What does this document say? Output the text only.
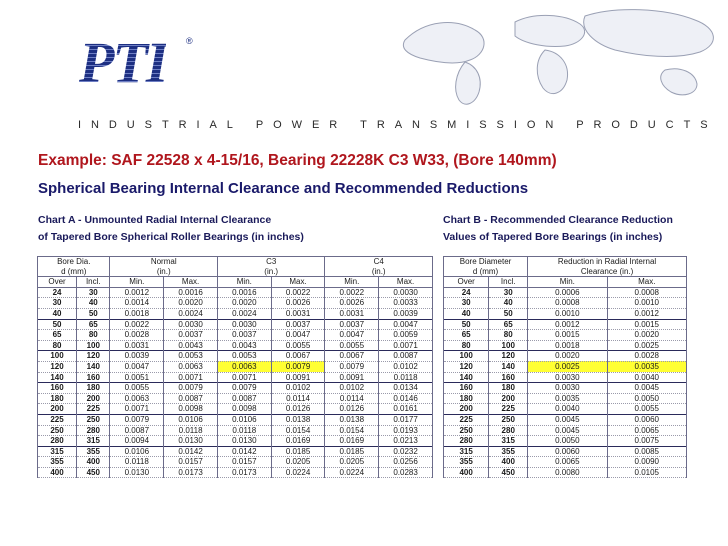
PTI ®
I N D U S T R I A L
P O W E R
T R A N S M I S S I O N
P R O D U C T S
Example: SAF 22528 x 4-15/16, Bearing 22228K C3 W33, (Bore 140mm)
Spherical Bearing Internal Clearance and Recommended Reductions
Chart A - Unmounted Radial Internal Clearance
of Tapered Bore Spherical Roller Bearings (in inches)
Chart B - Recommended Clearance Reduction
Values of Tapered Bore Bearings (in inches)
Bore Dia.		Normal		C3		C4	
d (mm)		(in.)		(in.)		(in.)	
Over	Incl.	Min.	Max.	Min.	Max.	Min.	Max.
24	30	0.0012	0.0016	0.0016	0.0022	0.0022	0.0030
30	40	0.0014	0.0020	0.0020	0.0026	0.0026	0.0033
40	50	0.0018	0.0024	0.0024	0.0031	0.0031	0.0039
50	65	0.0022	0.0030	0.0030	0.0037	0.0037	0.0047
65	80	0.0028	0.0037	0.0037	0.0047	0.0047	0.0059
80	100	0.0031	0.0043	0.0043	0.0055	0.0055	0.0071
100	120	0.0039	0.0053	0.0053	0.0067	0.0067	0.0087
120	140	0.0047	0.0063	0.0063	0.0079	0.0079	0.0102
140	160	0.0051	0.0071	0.0071	0.0091	0.0091	0.0118
160	180	0.0055	0.0079	0.0079	0.0102	0.0102	0.0134
180	200	0.0063	0.0087	0.0087	0.0114	0.0114	0.0146
200	225	0.0071	0.0098	0.0098	0.0126	0.0126	0.0161
225	250	0.0079	0.0106	0.0106	0.0138	0.0138	0.0177
250	280	0.0087	0.0118	0.0118	0.0154	0.0154	0.0193
280	315	0.0094	0.0130	0.0130	0.0169	0.0169	0.0213
315	355	0.0106	0.0142	0.0142	0.0185	0.0185	0.0232
355	400	0.0118	0.0157	0.0157	0.0205	0.0205	0.0256
400	450	0.0130	0.0173	0.0173	0.0224	0.0224	0.0283
Bore Diameter		Reduction in Radial Internal	
d (mm)		Clearance (in.)	
Over	Incl.	Min.	Max.
24	30	0.0006	0.0008
30	40	0.0008	0.0010
40	50	0.0010	0.0012
50	65	0.0012	0.0015
65	80	0.0015	0.0020
80	100	0.0018	0.0025
100	120	0.0020	0.0028
120	140	0.0025	0.0035
140	160	0.0030	0.0040
160	180	0.0030	0.0045
180	200	0.0035	0.0050
200	225	0.0040	0.0055
225	250	0.0045	0.0060
250	280	0.0045	0.0065
280	315	0.0050	0.0075
315	355	0.0060	0.0085
355	400	0.0065	0.0090
400	450	0.0080	0.0105
